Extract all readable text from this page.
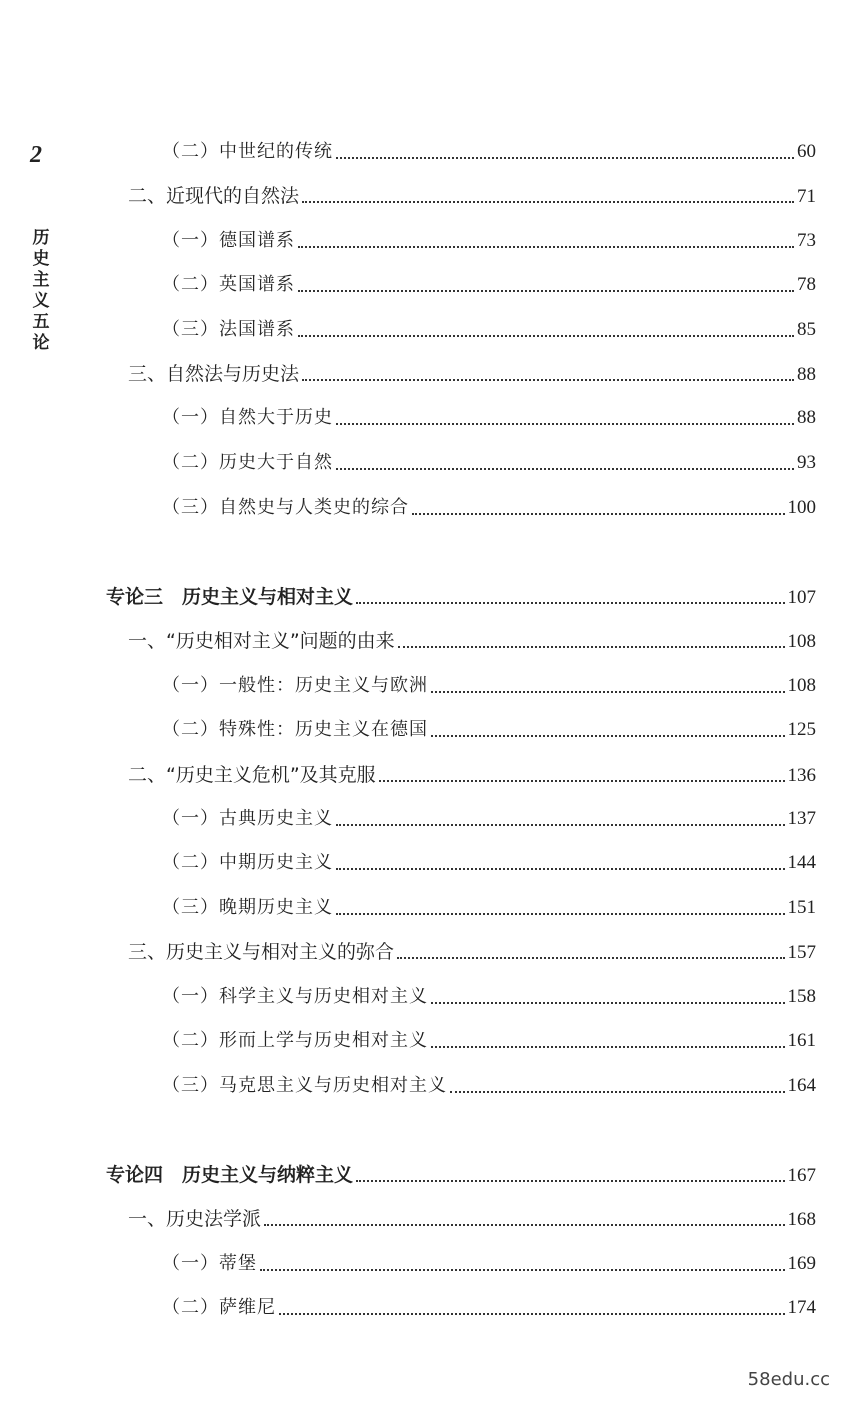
2
历史主义五论
（二）中世纪的传统	60
二、近现代的自然法	71
（一）德国谱系	73
（二）英国谱系	78
（三）法国谱系	85
三、自然法与历史法	88
（一）自然大于历史	88
（二）历史大于自然	93
（三）自然史与人类史的综合	100
专论三　历史主义与相对主义	107
一、“历史相对主义”问题的由来	108
（一）一般性：历史主义与欧洲	108
（二）特殊性：历史主义在德国	125
二、“历史主义危机”及其克服	136
（一）古典历史主义	137
（二）中期历史主义	144
（三）晚期历史主义	151
三、历史主义与相对主义的弥合	157
（一）科学主义与历史相对主义	158
（二）形而上学与历史相对主义	161
（三）马克思主义与历史相对主义	164
专论四　历史主义与纳粹主义	167
一、历史法学派	168
（一）蒂堡	169
（二）萨维尼	174
58edu.cc
